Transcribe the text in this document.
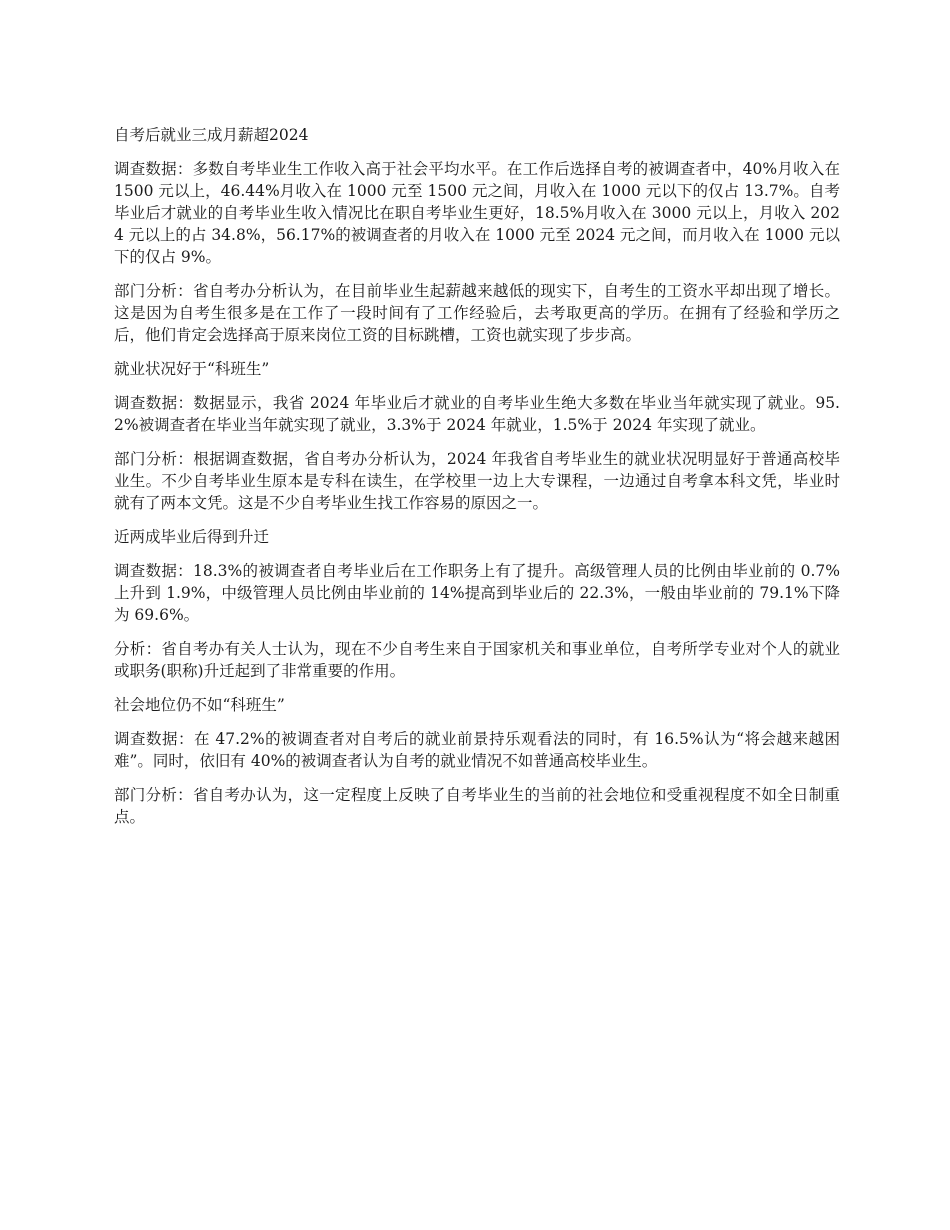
自考后就业三成月薪超2024

调查数据：多数自考毕业生工作收入高于社会平均水平。在工作后选择自考的被调查者中，40%月收入在 1500 元以上，46.44%月收入在 1000 元至 1500 元之间，月收入在 1000 元以下的仅占 13.7%。自考毕业后才就业的自考毕业生收入情况比在职自考毕业生更好，18.5%月收入在 3000 元以上，月收入 2024 元以上的占 34.8%，56.17%的被调查者的月收入在 1000 元至 2024 元之间，而月收入在 1000 元以下的仅占 9%。

部门分析：省自考办分析认为，在目前毕业生起薪越来越低的现实下，自考生的工资水平却出现了增长。这是因为自考生很多是在工作了一段时间有了工作经验后，去考取更高的学历。在拥有了经验和学历之后，他们肯定会选择高于原来岗位工资的目标跳槽，工资也就实现了步步高。

就业状况好于“科班生”

调查数据：数据显示，我省 2024 年毕业后才就业的自考毕业生绝大多数在毕业当年就实现了就业。95.2%被调查者在毕业当年就实现了就业，3.3%于 2024 年就业，1.5%于 2024 年实现了就业。

部门分析：根据调查数据，省自考办分析认为，2024 年我省自考毕业生的就业状况明显好于普通高校毕业生。不少自考毕业生原本是专科在读生，在学校里一边上大专课程，一边通过自考拿本科文凭，毕业时就有了两本文凭。这是不少自考毕业生找工作容易的原因之一。

近两成毕业后得到升迁

调查数据：18.3%的被调查者自考毕业后在工作职务上有了提升。高级管理人员的比例由毕业前的 0.7%上升到 1.9%，中级管理人员比例由毕业前的 14%提高到毕业后的 22.3%，一般由毕业前的 79.1%下降为 69.6%。

分析：省自考办有关人士认为，现在不少自考生来自于国家机关和事业单位，自考所学专业对个人的就业或职务(职称)升迁起到了非常重要的作用。

社会地位仍不如“科班生”

调查数据：在 47.2%的被调查者对自考后的就业前景持乐观看法的同时，有 16.5%认为“将会越来越困难”。同时，依旧有 40%的被调查者认为自考的就业情况不如普通高校毕业生。

部门分析：省自考办认为，这一定程度上反映了自考毕业生的当前的社会地位和受重视程度不如全日制重点。
